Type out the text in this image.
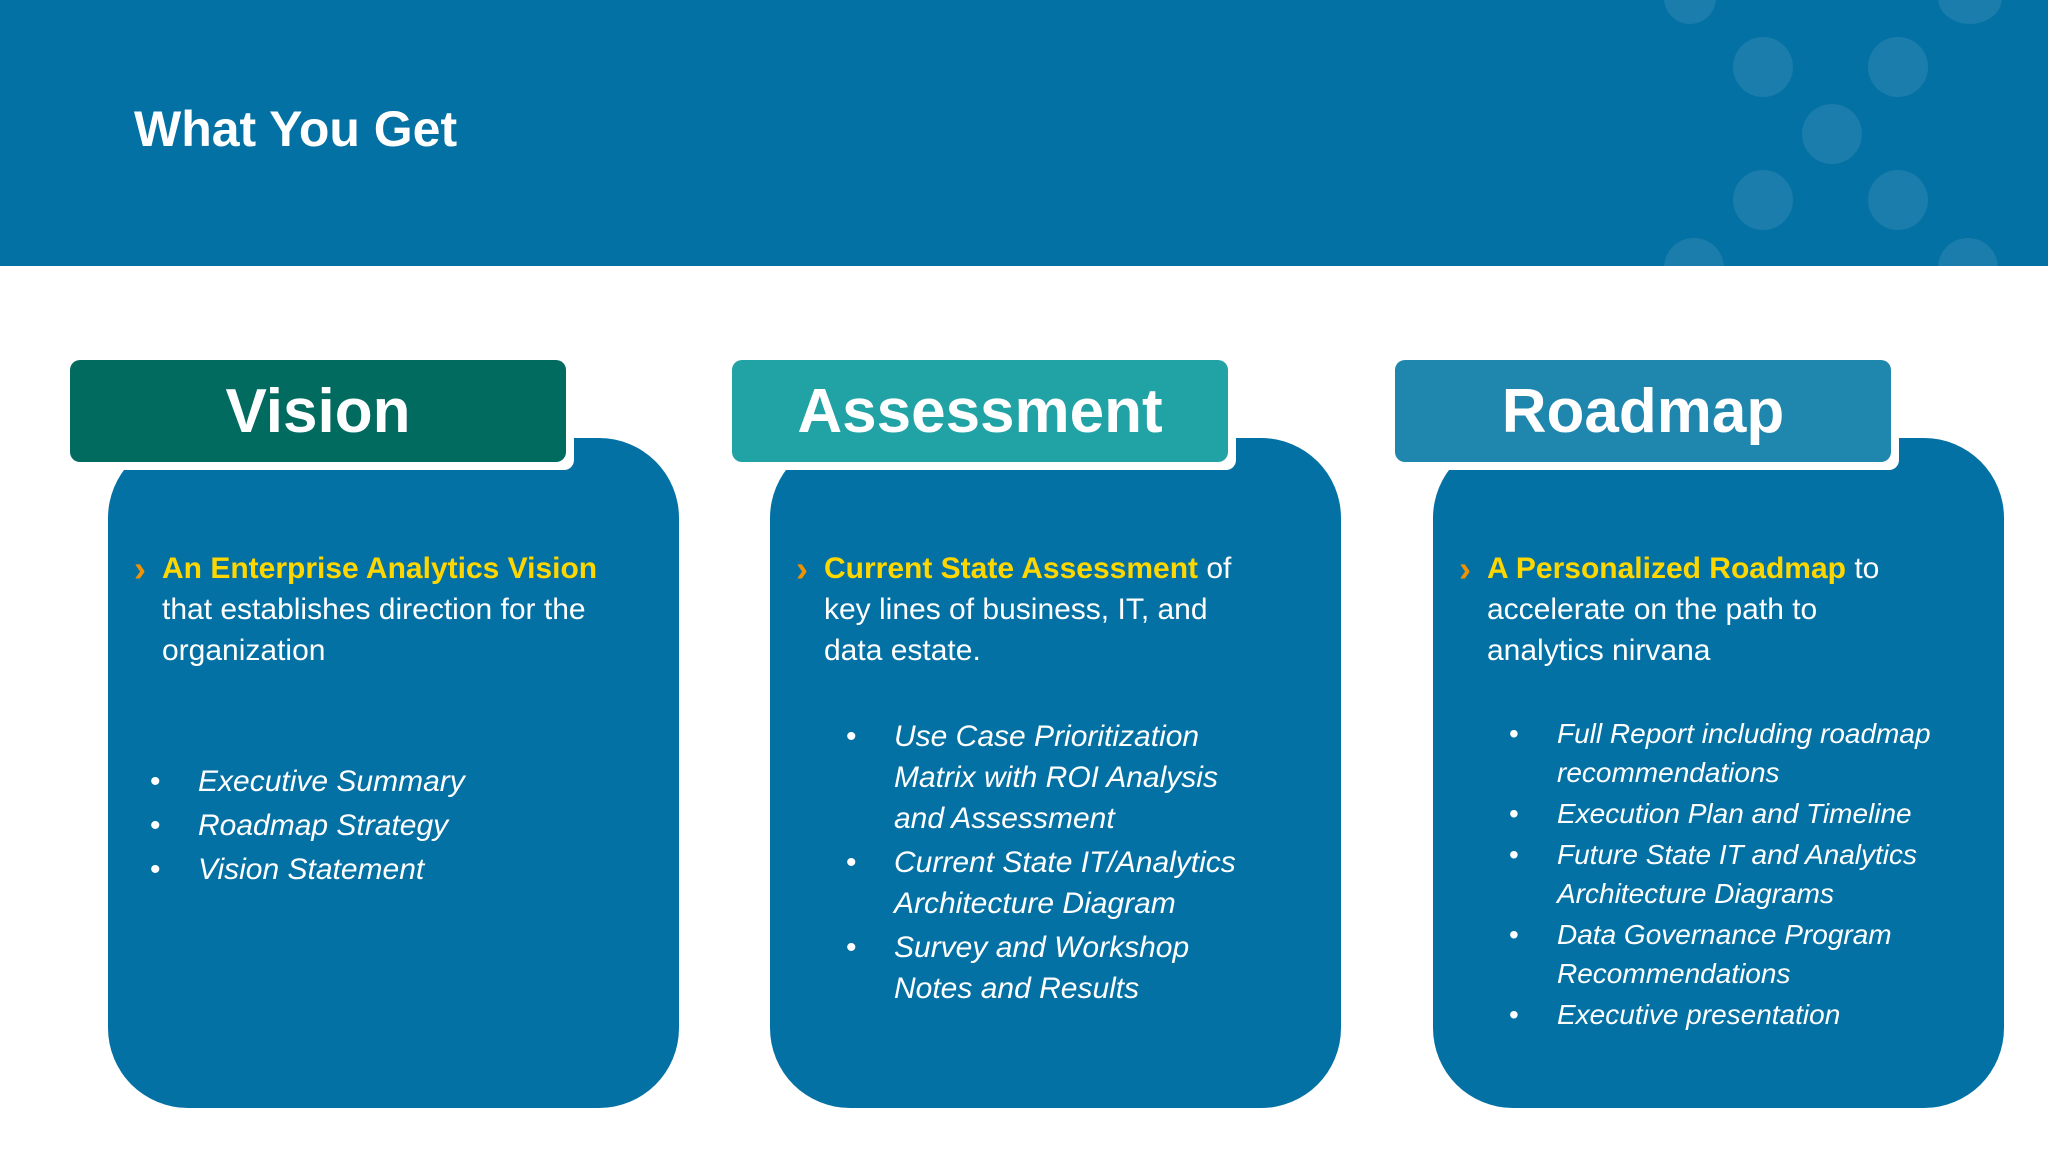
What You Get
Vision
› An Enterprise Analytics Vision that establishes direction for the organization
• Executive Summary
• Roadmap Strategy
• Vision Statement
Assessment
› Current State Assessment of key lines of business, IT, and data estate.
• Use Case Prioritization Matrix with ROI Analysis and Assessment
• Current State IT/Analytics Architecture Diagram
• Survey and Workshop Notes and Results
Roadmap
› A Personalized Roadmap to accelerate on the path to analytics nirvana
• Full Report including roadmap recommendations
• Execution Plan and Timeline
• Future State IT and Analytics Architecture Diagrams
• Data Governance Program Recommendations
• Executive presentation
